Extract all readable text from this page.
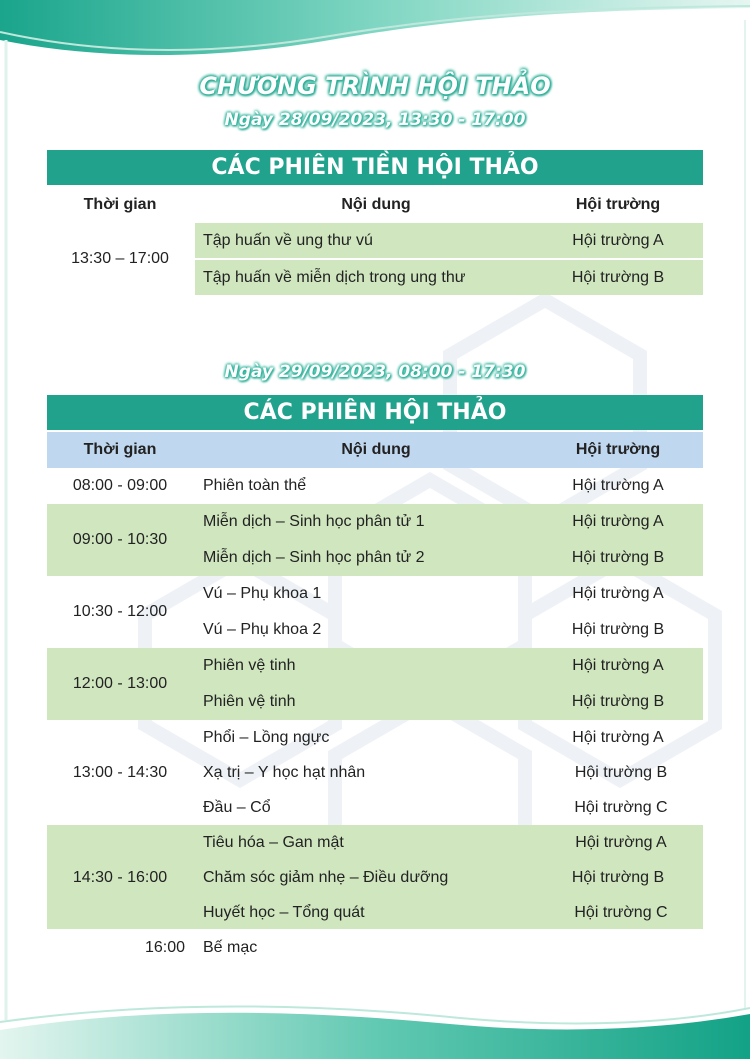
CHƯƠNG TRÌNH HỘI THẢO
Ngày 28/09/2023, 13:30 - 17:00
CÁC PHIÊN TIỀN HỘI THẢO
Thời gian	Nội dung	Hội trường
13:30 – 17:00
Tập huấn về ung thư vú	Hội trường A
Tập huấn về miễn dịch trong ung thư	Hội trường B
Ngày 29/09/2023, 08:00 - 17:30
CÁC PHIÊN HỘI THẢO
Thời gian	Nội dung	Hội trường
08:00 - 09:00	Phiên toàn thể	Hội trường A
09:00 - 10:30
Miễn dịch – Sinh học phân tử 1	Hội trường A
Miễn dịch – Sinh học phân tử 2	Hội trường B
10:30 - 12:00
Vú – Phụ khoa 1	Hội trường A
Vú – Phụ khoa 2	Hội trường B
12:00 - 13:00
Phiên vệ tinh	Hội trường A
Phiên vệ tinh	Hội trường B
13:00 - 14:30
Phổi – Lồng ngực	Hội trường A
Xạ trị – Y học hạt nhân	Hội trường B
Đầu – Cổ	Hội trường C
14:30 - 16:00
Tiêu hóa – Gan mật	Hội trường A
Chăm sóc giảm nhẹ – Điều dưỡng	Hội trường B
Huyết học – Tổng quát	Hội trường C
16:00 Bế mạc
